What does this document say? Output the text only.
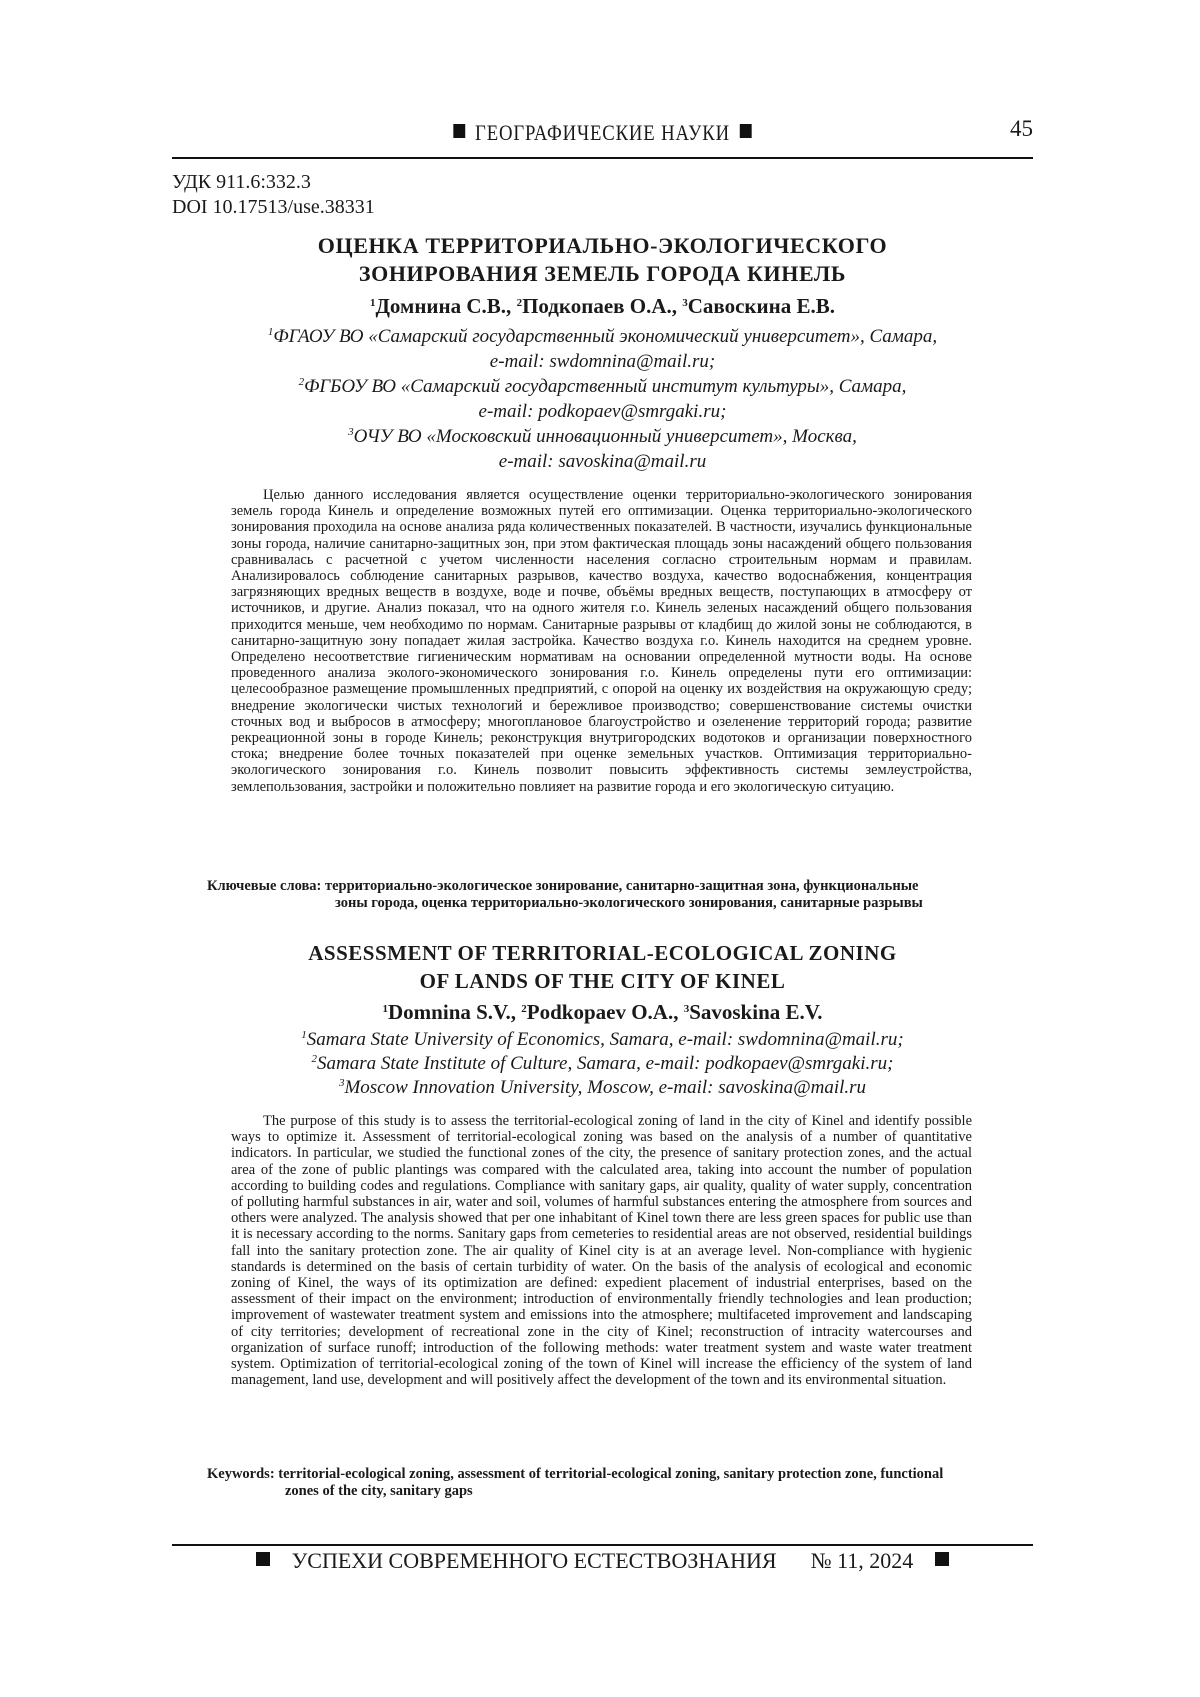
ГЕОГРАФИЧЕСКИЕ НАУКИ	45
УДК 911.6:332.3
DOI 10.17513/use.38331
ОЦЕНКА ТЕРРИТОРИАЛЬНО-ЭКОЛОГИЧЕСКОГО
ЗОНИРОВАНИЯ ЗЕМЕЛЬ ГОРОДА КИНЕЛЬ
$^1$Домнина С.В., $^2$Подкопаев О.А., $^3$Савоскина Е.В.
$^1$ФГАОУ ВО «Самарский государственный экономический университет», Самара,
e-mail: swdomnina@mail.ru;
$^2$ФГБОУ ВО «Самарский государственный институт культуры», Самара,
e-mail: podkopaev@smrgaki.ru;
$^3$ОЧУ ВО «Московский инновационный университет», Москва,
e-mail: savoskina@mail.ru

Целью данного исследования является осуществление оценки территориально-экологического зонирования земель города Кинель и определение возможных путей его оптимизации. Оценка территориально-экологического зонирования проходила на основе анализа ряда количественных показателей. В частности, изучались функциональные зоны города, наличие санитарно-защитных зон, при этом фактическая площадь зоны насаждений общего пользования сравнивалась с расчетной с учетом численности населения согласно строительным нормам и правилам. Анализировалось соблюдение санитарных разрывов, качество воздуха, качество водоснабжения, концентрация загрязняющих вредных веществ в воздухе, воде и почве, объёмы вредных веществ, поступающих в атмосферу от источников, и другие. Анализ показал, что на одного жителя г.о. Кинель зеленых насаждений общего пользования приходится меньше, чем необходимо по нормам. Санитарные разрывы от кладбищ до жилой зоны не соблюдаются, в санитарно-защитную зону попадает жилая застройка. Качество воздуха г.о. Кинель находится на среднем уровне. Определено несоответствие гигиеническим нормативам на основании определенной мутности воды. На основе проведенного анализа эколого-экономического зонирования г.о. Кинель определены пути его оптимизации: целесообразное размещение промышленных предприятий, с опорой на оценку их воздействия на окружающую среду; внедрение экологически чистых технологий и бережливое производство; совершенствование системы очистки сточных вод и выбросов в атмосферу; многоплановое благоустройство и озеленение территорий города; развитие рекреационной зоны в городе Кинель; реконструкция внутригородских водотоков и организации поверхностного стока; внедрение более точных показателей при оценке земельных участков. Оптимизация территориально-экологического зонирования г.о. Кинель позволит повысить эффективность системы землеустройства, землепользования, застройки и положительно повлияет на развитие города и его экологическую ситуацию.

Ключевые слова: территориально-экологическое зонирование, санитарно-защитная зона, функциональные
зоны города, оценка территориально-экологического зонирования, санитарные разрывы
ASSESSMENT OF TERRITORIAL-ECOLOGICAL ZONING
OF LANDS OF THE CITY OF KINEL
$^1$Domnina S.V., $^2$Podkopaev O.A., $^3$Savoskina E.V.
$^1$Samara State University of Economics, Samara, e-mail: swdomnina@mail.ru;
$^2$Samara State Institute of Culture, Samara, e-mail: podkopaev@smrgaki.ru;
$^3$Moscow Innovation University, Moscow, e-mail: savoskina@mail.ru

The purpose of this study is to assess the territorial-ecological zoning of land in the city of Kinel and identify possible ways to optimize it. Assessment of territorial-ecological zoning was based on the analysis of a number of quantitative indicators. In particular, we studied the functional zones of the city, the presence of sanitary protection zones, and the actual area of the zone of public plantings was compared with the calculated area, taking into account the number of population according to building codes and regulations. Compliance with sanitary gaps, air quality, quality of water supply, concentration of polluting harmful substances in air, water and soil, volumes of harmful substances entering the atmosphere from sources and others were analyzed. The analysis showed that per one inhabitant of Kinel town there are less green spaces for public use than it is necessary according to the norms. Sanitary gaps from cemeteries to residential areas are not observed, residential buildings fall into the sanitary protection zone. The air quality of Kinel city is at an average level. Non-compliance with hygienic standards is determined on the basis of certain turbidity of water. On the basis of the analysis of ecological and economic zoning of Kinel, the ways of its optimization are defined: expedient placement of industrial enterprises, based on the assessment of their impact on the environment; introduction of environmentally friendly technologies and lean production; improvement of wastewater treatment system and emissions into the atmosphere; multifaceted improvement and landscaping of city territories; development of recreational zone in the city of Kinel; reconstruction of intracity watercourses and organization of surface runoff; introduction of the following methods: water treatment system and waste water treatment system. Optimization of territorial-ecological zoning of the town of Kinel will increase the efficiency of the system of land management, land use, development and will positively affect the development of the town and its environmental situation.

Keywords: territorial-ecological zoning, assessment of territorial-ecological zoning, sanitary protection zone, functional
zones of the city, sanitary gaps
УСПЕХИ СОВРЕМЕННОГО ЕСТЕСТВОЗНАНИЯ № 11, 2024
